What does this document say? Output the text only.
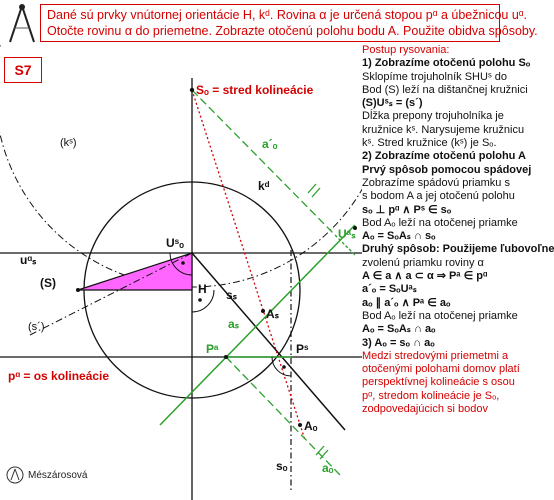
Dané sú prvky vnútornej orientácie H, kᵈ. Rovina α je určená stopou pᵅ a úbežnicou uᵅ.
Otočte rovinu α do priemetne. Zobrazte otočenú polohu bodu A. Použite obidva spôsoby.
S7
Sₒ = stred kolineácie
(kˢ)
kᵈ
uᵅₛ
Uˢₒ
H
(S)
(s´)
sₛ
aₛ
Aₛ
Uᵃₛ
a´ₒ
Pᵃ	Pˢ
pᵅ = os kolineácie
Aₒ
sₒ	aₒ
Postup rysovania:
1) Zobrazíme otočenú polohu Sₒ
Sklopíme trojuholník SHUˢ do
Bod (S) leží na dištančnej kružnici
(S)Uˢₛ = (s´)
Dĺžka prepony trojuholníka je
kružnice kˢ. Narysujeme kružnicu
kˢ. Stred kružnice (kˢ) je Sₒ.
2) Zobrazíme otočenú polohu A
Prvý spôsob pomocou spádovej
Zobrazíme spádovú priamku s
s bodom A a jej otočenú polohu
sₒ ⊥ pᵅ ∧ Pˢ ∈ sₒ
Bod Aₒ leží na otočenej priamke
Aₒ = SₒAₛ ∩ sₒ
Druhý spôsob: Použijeme ľubovoľne
zvolenú priamku roviny α
A ∈ a ∧ a ⊂ α ⇒ Pᵃ ∈ pᵅ
a´ₒ = SₒUᵃₛ
aₒ ∥ a´ₒ ∧ Pᵃ ∈ aₒ
Bod Aₒ leží na otočenej priamke
Aₒ = SₒAₛ ∩ aₒ
3) Aₒ = sₒ ∩ aₒ
Medzi stredovými priemetmi a
otočenými polohami domov platí
perspektívnej kolineácie s osou
pᵅ, stredom kolineácie je Sₒ,
zodpovedajúcich si bodov
Mészárosová
